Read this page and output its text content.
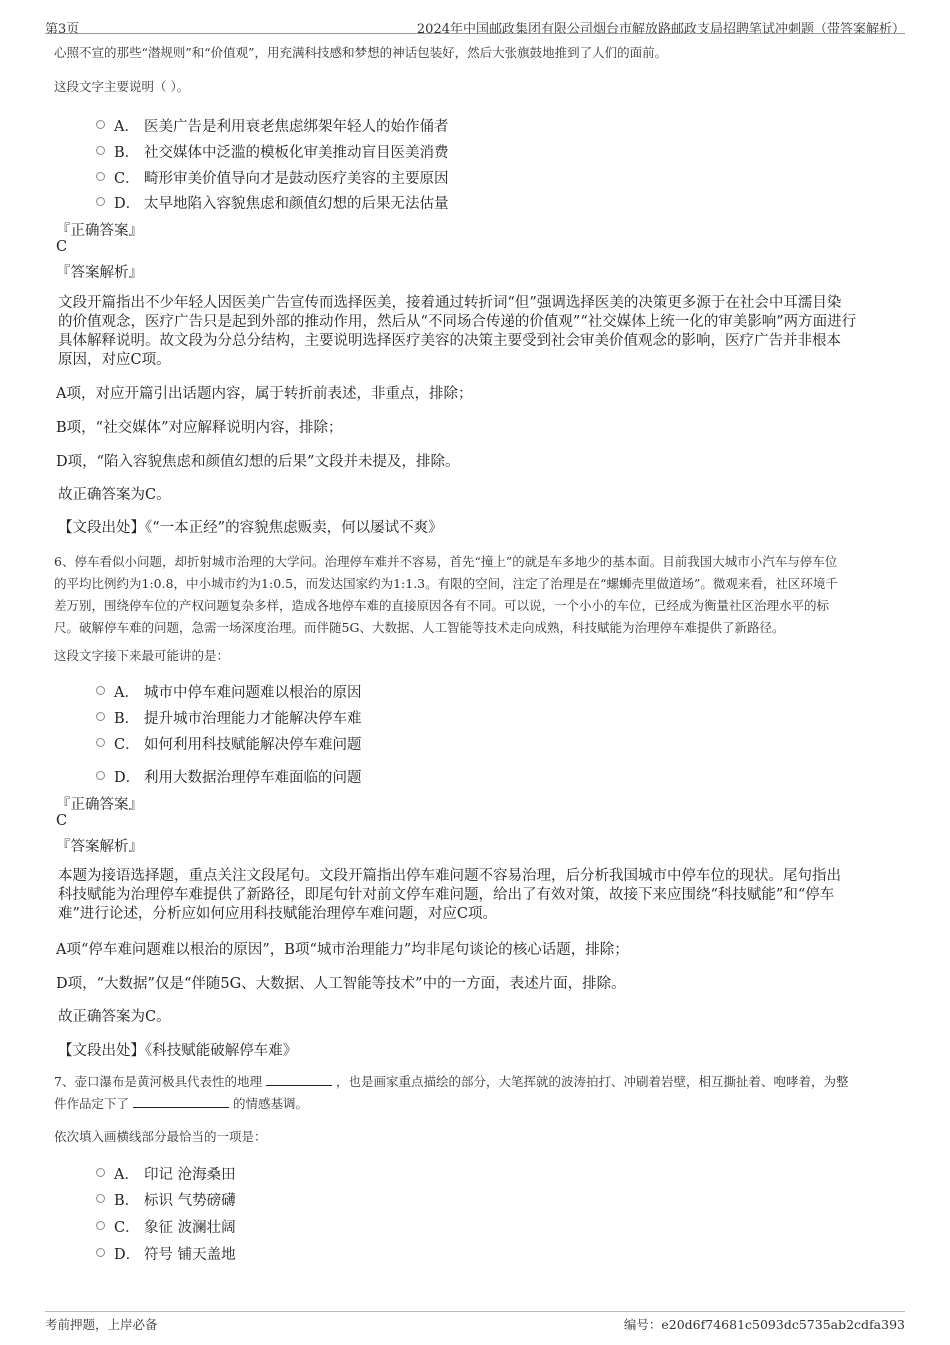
第3页	2024年中国邮政集团有限公司烟台市解放路邮政支局招聘笔试冲刺题（带答案解析）
心照不宣的那些“潜规则”和“价值观”，用充满科技感和梦想的神话包装好，然后大张旗鼓地推到了人们的面前。
这段文字主要说明（ ）。
A． 医美广告是利用衰老焦虑绑架年轻人的始作俑者
B． 社交媒体中泛滥的模板化审美推动盲目医美消费
C． 畸形审美价值导向才是鼓动医疗美容的主要原因
D． 太早地陷入容貌焦虑和颜值幻想的后果无法估量
『正确答案』
C
『答案解析』
文段开篇指出不少年轻人因医美广告宣传而选择医美，接着通过转折词“但”强调选择医美的决策更多源于在社会中耳濡目染
的价值观念，医疗广告只是起到外部的推动作用，然后从“不同场合传递的价值观”“社交媒体上统一化的审美影响”两方面进行
具体解释说明。故文段为分总分结构，主要说明选择医疗美容的决策主要受到社会审美价值观念的影响，医疗广告并非根本
原因，对应C项。
A项，对应开篇引出话题内容，属于转折前表述，非重点，排除；
B项，“社交媒体”对应解释说明内容，排除；
D项，“陷入容貌焦虑和颜值幻想的后果”文段并未提及，排除。
故正确答案为C。
【文段出处】《“一本正经”的容貌焦虑贩卖，何以屡试不爽》
6、停车看似小问题，却折射城市治理的大学问。治理停车难并不容易，首先“撞上”的就是车多地少的基本面。目前我国大城市小汽车与停车位
的平均比例约为1:0.8，中小城市约为1:0.5，而发达国家约为1:1.3。有限的空间，注定了治理是在“螺蛳壳里做道场”。微观来看，社区环境千
差万别，围绕停车位的产权问题复杂多样，造成各地停车难的直接原因各有不同。可以说，一个小小的车位，已经成为衡量社区治理水平的标
尺。破解停车难的问题，急需一场深度治理。而伴随5G、大数据、人工智能等技术走向成熟，科技赋能为治理停车难提供了新路径。
这段文字接下来最可能讲的是：
A． 城市中停车难问题难以根治的原因
B． 提升城市治理能力才能解决停车难
C． 如何利用科技赋能解决停车难问题
D． 利用大数据治理停车难面临的问题
『正确答案』
C
『答案解析』
本题为接语选择题，重点关注文段尾句。文段开篇指出停车难问题不容易治理，后分析我国城市中停车位的现状。尾句指出
科技赋能为治理停车难提供了新路径，即尾句针对前文停车难问题，给出了有效对策，故接下来应围绕“科技赋能”和“停车
难”进行论述，分析应如何应用科技赋能治理停车难问题，对应C项。
A项“停车难问题难以根治的原因”，B项“城市治理能力”均非尾句谈论的核心话题，排除；
D项，“大数据”仅是“伴随5G、大数据、人工智能等技术”中的一方面，表述片面，排除。
故正确答案为C。
【文段出处】《科技赋能破解停车难》
7、壶口瀑布是黄河极具代表性的地理	，也是画家重点描绘的部分，大笔挥就的波涛拍打、冲刷着岩壁，相互撕扯着、咆哮着，为整
件作品定下了	的情感基调。
依次填入画横线部分最恰当的一项是：
A． 印记 沧海桑田
B． 标识 气势磅礴
C． 象征 波澜壮阔
D． 符号 铺天盖地
考前押题，上岸必备	编号：e20d6f74681c5093dc5735ab2cdfa393
